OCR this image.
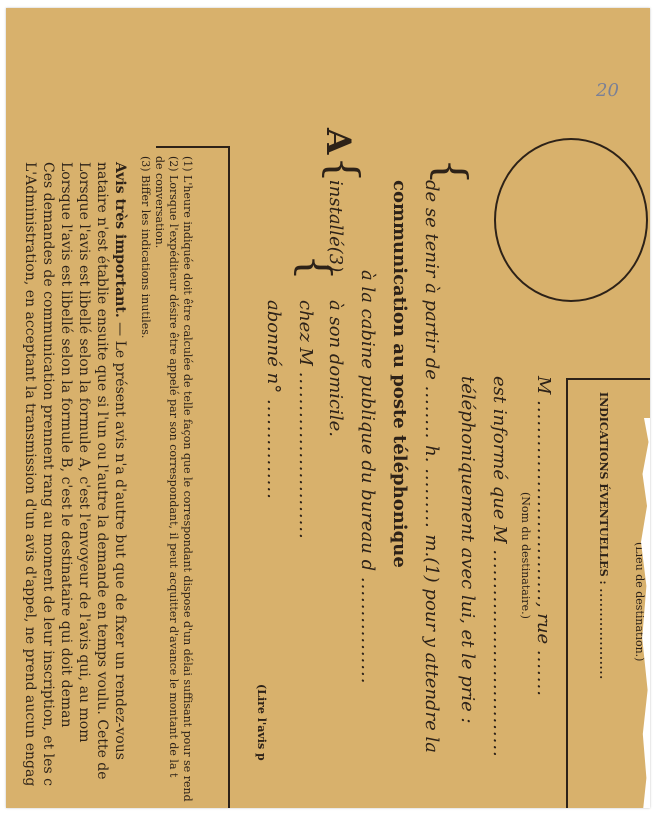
20
A
(1) L'heure indiquée doit être calculée de telle façon que le correspondant dispose d'un délai suffisant pour se rend
(2) Lorsque l'expéditeur désire être appelé par son correspondant, il peut acquitter d'avance le montant de la t
de conversation.
(3) Biffer les indications inutiles.
Avis très important. — Le présent avis n'a d'autre but que de fixer un rendez-vous
nataire n'est établie ensuite que si l'un ou l'autre la demande en temps voulu. Cette de
Lorsque l'avis est libellé selon la formule A, c'est l'envoyeur de l'avis qui, au mom
Lorsque l'avis est libellé selon la formule B, c'est le destinataire qui doit deman
Ces demandes de communication prennent rang au moment de leur inscription, et les c
L'Administration, en acceptant la transmission d'un avis d'appel, ne prend aucun engag	de se tenir à partir de ........ h. ......... m.(1) pour y attendre la
communication au poste téléphonique
installé(3)
à la cabine publique du bureau d ................
à son domicile.
chez M .........................
abonné n° ...............
M .............................., rue .......
(Nom du destinataire.)
est informé que M ...............................
téléphoniquement avec lui, et le prie :	INDICATIONS ÉVENTUELLES : ................... (Lieu de destination.)
(Lire l'avis p
{
{
{
